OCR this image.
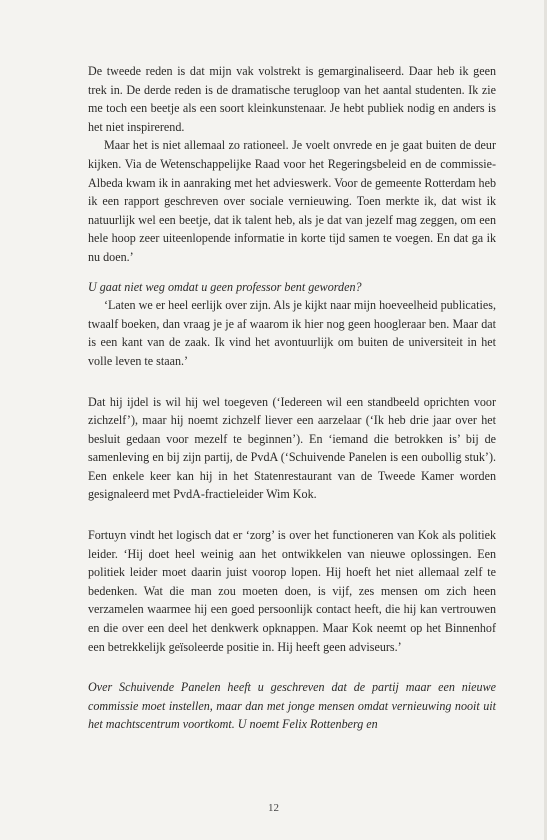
De tweede reden is dat mijn vak volstrekt is gemarginaliseerd. Daar heb ik geen trek in. De derde reden is de dramatische terugloop van het aantal studenten. Ik zie me toch een beetje als een soort kleinkunstenaar. Je hebt publiek nodig en anders is het niet inspirerend.

Maar het is niet allemaal zo rationeel. Je voelt onvrede en je gaat buiten de deur kijken. Via de Wetenschappelijke Raad voor het Regeringsbeleid en de commissie-Albeda kwam ik in aanraking met het advieswerk. Voor de gemeente Rotterdam heb ik een rapport geschreven over sociale vernieuwing. Toen merkte ik, dat wist ik natuurlijk wel een beetje, dat ik talent heb, als je dat van jezelf mag zeggen, om een hele hoop zeer uiteenlopende informatie in korte tijd samen te voegen. En dat ga ik nu doen.’

U gaat niet weg omdat u geen professor bent geworden?

‘Laten we er heel eerlijk over zijn. Als je kijkt naar mijn hoeveelheid publicaties, twaalf boeken, dan vraag je je af waarom ik hier nog geen hoogleraar ben. Maar dat is een kant van de zaak. Ik vind het avontuurlijk om buiten de universiteit in het volle leven te staan.’

Dat hij ijdel is wil hij wel toegeven (‘Iedereen wil een standbeeld oprichten voor zichzelf’), maar hij noemt zichzelf liever een aarzelaar (‘Ik heb drie jaar over het besluit gedaan voor mezelf te beginnen’). En ‘iemand die betrokken is’ bij de samenleving en bij zijn partij, de PvdA (‘Schuivende Panelen is een oubollig stuk’). Een enkele keer kan hij in het Statenrestaurant van de Tweede Kamer worden gesignaleerd met PvdA-fractieleider Wim Kok.

Fortuyn vindt het logisch dat er ‘zorg’ is over het functioneren van Kok als politiek leider. ‘Hij doet heel weinig aan het ontwikkelen van nieuwe oplossingen. Een politiek leider moet daarin juist voorop lopen. Hij hoeft het niet allemaal zelf te bedenken. Wat die man zou moeten doen, is vijf, zes mensen om zich heen verzamelen waarmee hij een goed persoonlijk contact heeft, die hij kan vertrouwen en die over een deel het denkwerk opknappen. Maar Kok neemt op het Binnenhof een betrekkelijk geïsoleerde positie in. Hij heeft geen adviseurs.’

Over Schuivende Panelen heeft u geschreven dat de partij maar een nieuwe commissie moet instellen, maar dan met jonge mensen omdat vernieuwing nooit uit het machtscentrum voortkomt. U noemt Felix Rottenberg en

12
